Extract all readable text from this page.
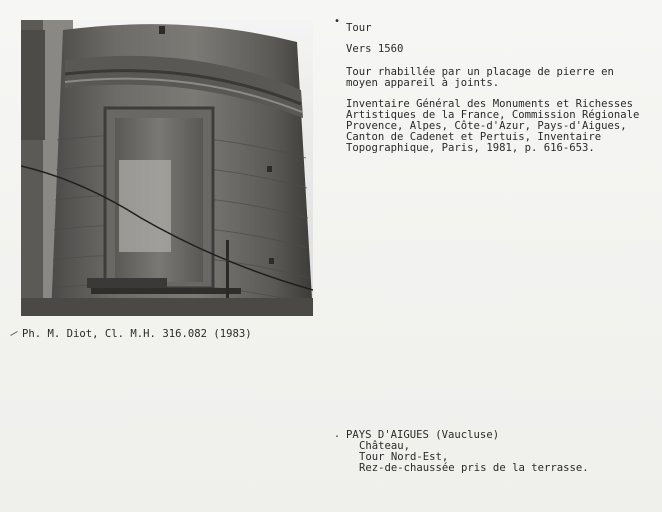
•
Tour
Vers 1560
Tour rhabillée par un placage de pierre en
moyen appareil à joints.
Inventaire Général des Monuments et Richesses
Artistiques de la France, Commission Régionale
Provence, Alpes, Côte-d'Azur, Pays-d'Aigues,
Canton de Cadenet et Pertuis, Inventaire
Topographique, Paris, 1981, p. 616-653.
Ph. M. Diot, Cl. M.H. 316.082 (1983)
. PAYS D'AIGUES (Vaucluse)
Château,
Tour Nord-Est,
Rez-de-chaussée pris de la terrasse.
